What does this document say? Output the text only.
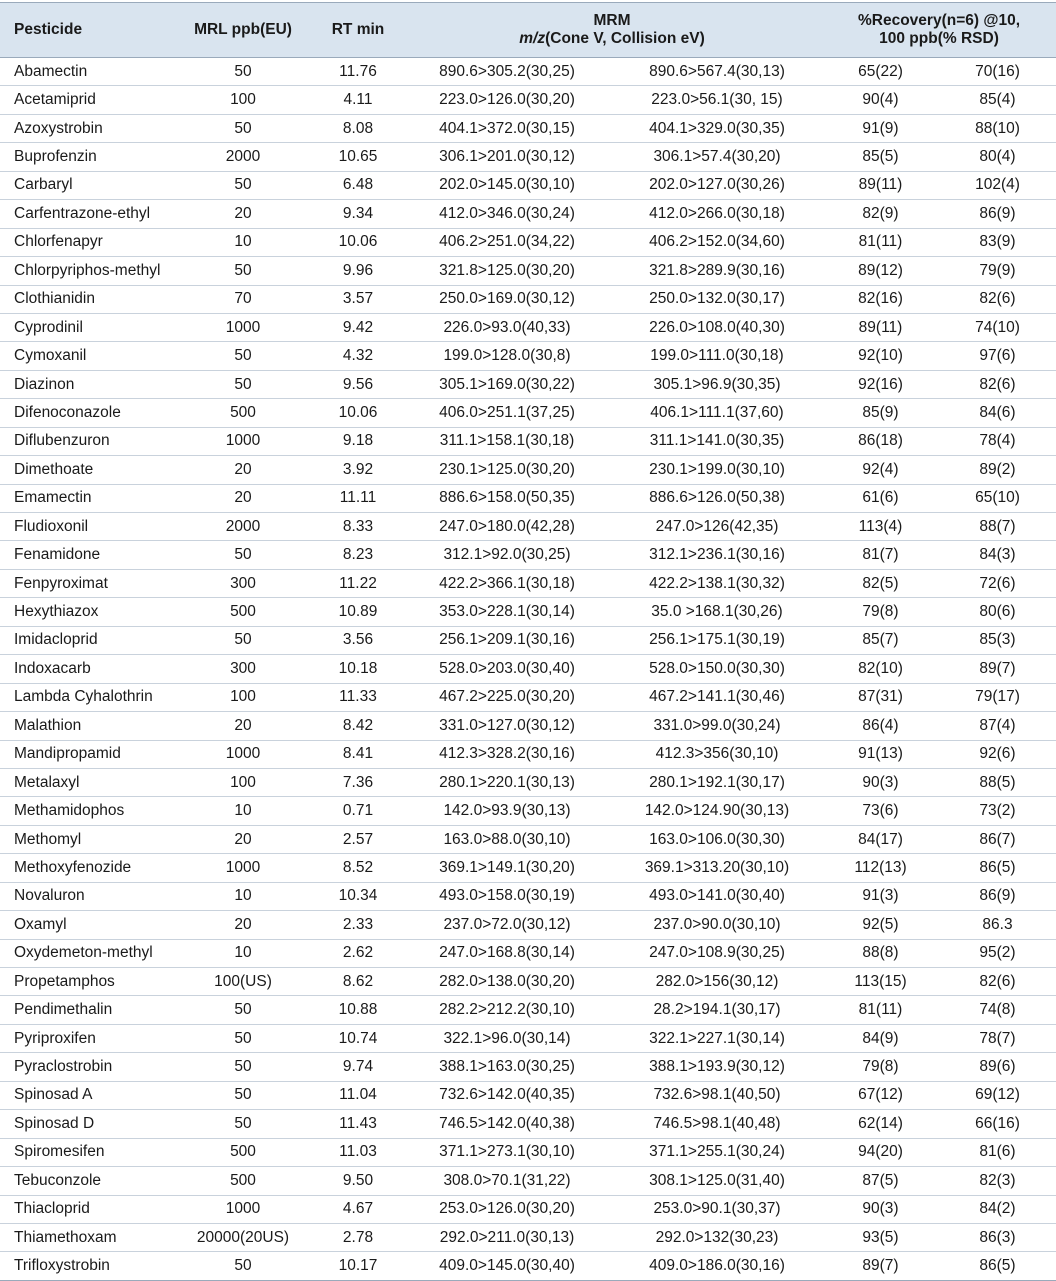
Pesticide	MRL ppb(EU)	RT min	MRM
m/z(Cone V, Collision eV)		%Recovery(n=6) @10,
100 ppb(% RSD)	

Abamectin	50	11.76	890.6>305.2(30,25)	890.6>567.4(30,13)	65(22)	70(16)
Acetamiprid	100	4.11	223.0>126.0(30,20)	223.0>56.1(30, 15)	90(4)	85(4)
Azoxystrobin	50	8.08	404.1>372.0(30,15)	404.1>329.0(30,35)	91(9)	88(10)
Buprofenzin	2000	10.65	306.1>201.0(30,12)	306.1>57.4(30,20)	85(5)	80(4)
Carbaryl	50	6.48	202.0>145.0(30,10)	202.0>127.0(30,26)	89(11)	102(4)
Carfentrazone-ethyl	20	9.34	412.0>346.0(30,24)	412.0>266.0(30,18)	82(9)	86(9)
Chlorfenapyr	10	10.06	406.2>251.0(34,22)	406.2>152.0(34,60)	81(11)	83(9)
Chlorpyriphos-methyl	50	9.96	321.8>125.0(30,20)	321.8>289.9(30,16)	89(12)	79(9)
Clothianidin	70	3.57	250.0>169.0(30,12)	250.0>132.0(30,17)	82(16)	82(6)
Cyprodinil	1000	9.42	226.0>93.0(40,33)	226.0>108.0(40,30)	89(11)	74(10)
Cymoxanil	50	4.32	199.0>128.0(30,8)	199.0>111.0(30,18)	92(10)	97(6)
Diazinon	50	9.56	305.1>169.0(30,22)	305.1>96.9(30,35)	92(16)	82(6)
Difenoconazole	500	10.06	406.0>251.1(37,25)	406.1>111.1(37,60)	85(9)	84(6)
Diflubenzuron	1000	9.18	311.1>158.1(30,18)	311.1>141.0(30,35)	86(18)	78(4)
Dimethoate	20	3.92	230.1>125.0(30,20)	230.1>199.0(30,10)	92(4)	89(2)
Emamectin	20	11.11	886.6>158.0(50,35)	886.6>126.0(50,38)	61(6)	65(10)
Fludioxonil	2000	8.33	247.0>180.0(42,28)	247.0>126(42,35)	113(4)	88(7)
Fenamidone	50	8.23	312.1>92.0(30,25)	312.1>236.1(30,16)	81(7)	84(3)
Fenpyroximat	300	11.22	422.2>366.1(30,18)	422.2>138.1(30,32)	82(5)	72(6)
Hexythiazox	500	10.89	353.0>228.1(30,14)	35.0 >168.1(30,26)	79(8)	80(6)
Imidacloprid	50	3.56	256.1>209.1(30,16)	256.1>175.1(30,19)	85(7)	85(3)
Indoxacarb	300	10.18	528.0>203.0(30,40)	528.0>150.0(30,30)	82(10)	89(7)
Lambda Cyhalothrin	100	11.33	467.2>225.0(30,20)	467.2>141.1(30,46)	87(31)	79(17)
Malathion	20	8.42	331.0>127.0(30,12)	331.0>99.0(30,24)	86(4)	87(4)
Mandipropamid	1000	8.41	412.3>328.2(30,16)	412.3>356(30,10)	91(13)	92(6)
Metalaxyl	100	7.36	280.1>220.1(30,13)	280.1>192.1(30,17)	90(3)	88(5)
Methamidophos	10	0.71	142.0>93.9(30,13)	142.0>124.90(30,13)	73(6)	73(2)
Methomyl	20	2.57	163.0>88.0(30,10)	163.0>106.0(30,30)	84(17)	86(7)
Methoxyfenozide	1000	8.52	369.1>149.1(30,20)	369.1>313.20(30,10)	112(13)	86(5)
Novaluron	10	10.34	493.0>158.0(30,19)	493.0>141.0(30,40)	91(3)	86(9)
Oxamyl	20	2.33	237.0>72.0(30,12)	237.0>90.0(30,10)	92(5)	86.3
Oxydemeton-methyl	10	2.62	247.0>168.8(30,14)	247.0>108.9(30,25)	88(8)	95(2)
Propetamphos	100(US)	8.62	282.0>138.0(30,20)	282.0>156(30,12)	113(15)	82(6)
Pendimethalin	50	10.88	282.2>212.2(30,10)	28.2>194.1(30,17)	81(11)	74(8)
Pyriproxifen	50	10.74	322.1>96.0(30,14)	322.1>227.1(30,14)	84(9)	78(7)
Pyraclostrobin	50	9.74	388.1>163.0(30,25)	388.1>193.9(30,12)	79(8)	89(6)
Spinosad A	50	11.04	732.6>142.0(40,35)	732.6>98.1(40,50)	67(12)	69(12)
Spinosad D	50	11.43	746.5>142.0(40,38)	746.5>98.1(40,48)	62(14)	66(16)
Spiromesifen	500	11.03	371.1>273.1(30,10)	371.1>255.1(30,24)	94(20)	81(6)
Tebuconzole	500	9.50	308.0>70.1(31,22)	308.1>125.0(31,40)	87(5)	82(3)
Thiacloprid	1000	4.67	253.0>126.0(30,20)	253.0>90.1(30,37)	90(3)	84(2)
Thiamethoxam	20000(20US)	2.78	292.0>211.0(30,13)	292.0>132(30,23)	93(5)	86(3)
Trifloxystrobin	50	10.17	409.0>145.0(30,40)	409.0>186.0(30,16)	89(7)	86(5)
